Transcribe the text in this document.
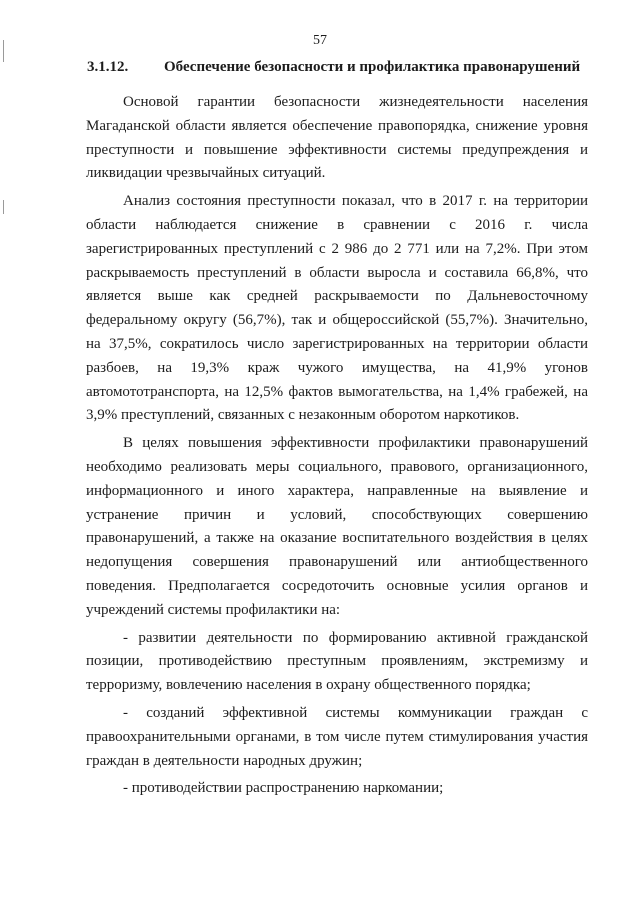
57
3.1.12. Обеспечение безопасности и профилактика правонарушений

Основой гарантии безопасности жизнедеятельности населения Магаданской области является обеспечение правопорядка, снижение уровня преступности и повышение эффективности системы предупреждения и ликвидации чрезвычайных ситуаций.

Анализ состояния преступности показал, что в 2017 г. на территории области наблюдается снижение в сравнении с 2016 г. числа зарегистрированных преступлений с 2 986 до 2 771 или на 7,2%. При этом раскрываемость преступлений в области выросла и составила 66,8%, что является выше как средней раскрываемости по Дальневосточному федеральному округу (56,7%), так и общероссийской (55,7%). Значительно, на 37,5%, сократилось число зарегистрированных на территории области разбоев, на 19,3% краж чужого имущества, на 41,9% угонов автомототранспорта, на 12,5% фактов вымогательства, на 1,4% грабежей, на 3,9% преступлений, связанных с незаконным оборотом наркотиков.

В целях повышения эффективности профилактики правонарушений необходимо реализовать меры социального, правового, организационного, информационного и иного характера, направленные на выявление и устранение причин и условий, способствующих совершению правонарушений, а также на оказание воспитательного воздействия в целях недопущения совершения правонарушений или антиобщественного поведения. Предполагается сосредоточить основные усилия органов и учреждений системы профилактики на:

- развитии деятельности по формированию активной гражданской позиции, противодействию преступным проявлениям, экстремизму и терроризму, вовлечению населения в охрану общественного порядка;

- созданий эффективной системы коммуникации граждан с правоохранительными органами, в том числе путем стимулирования участия граждан в деятельности народных дружин;

- противодействии распространению наркомании;
